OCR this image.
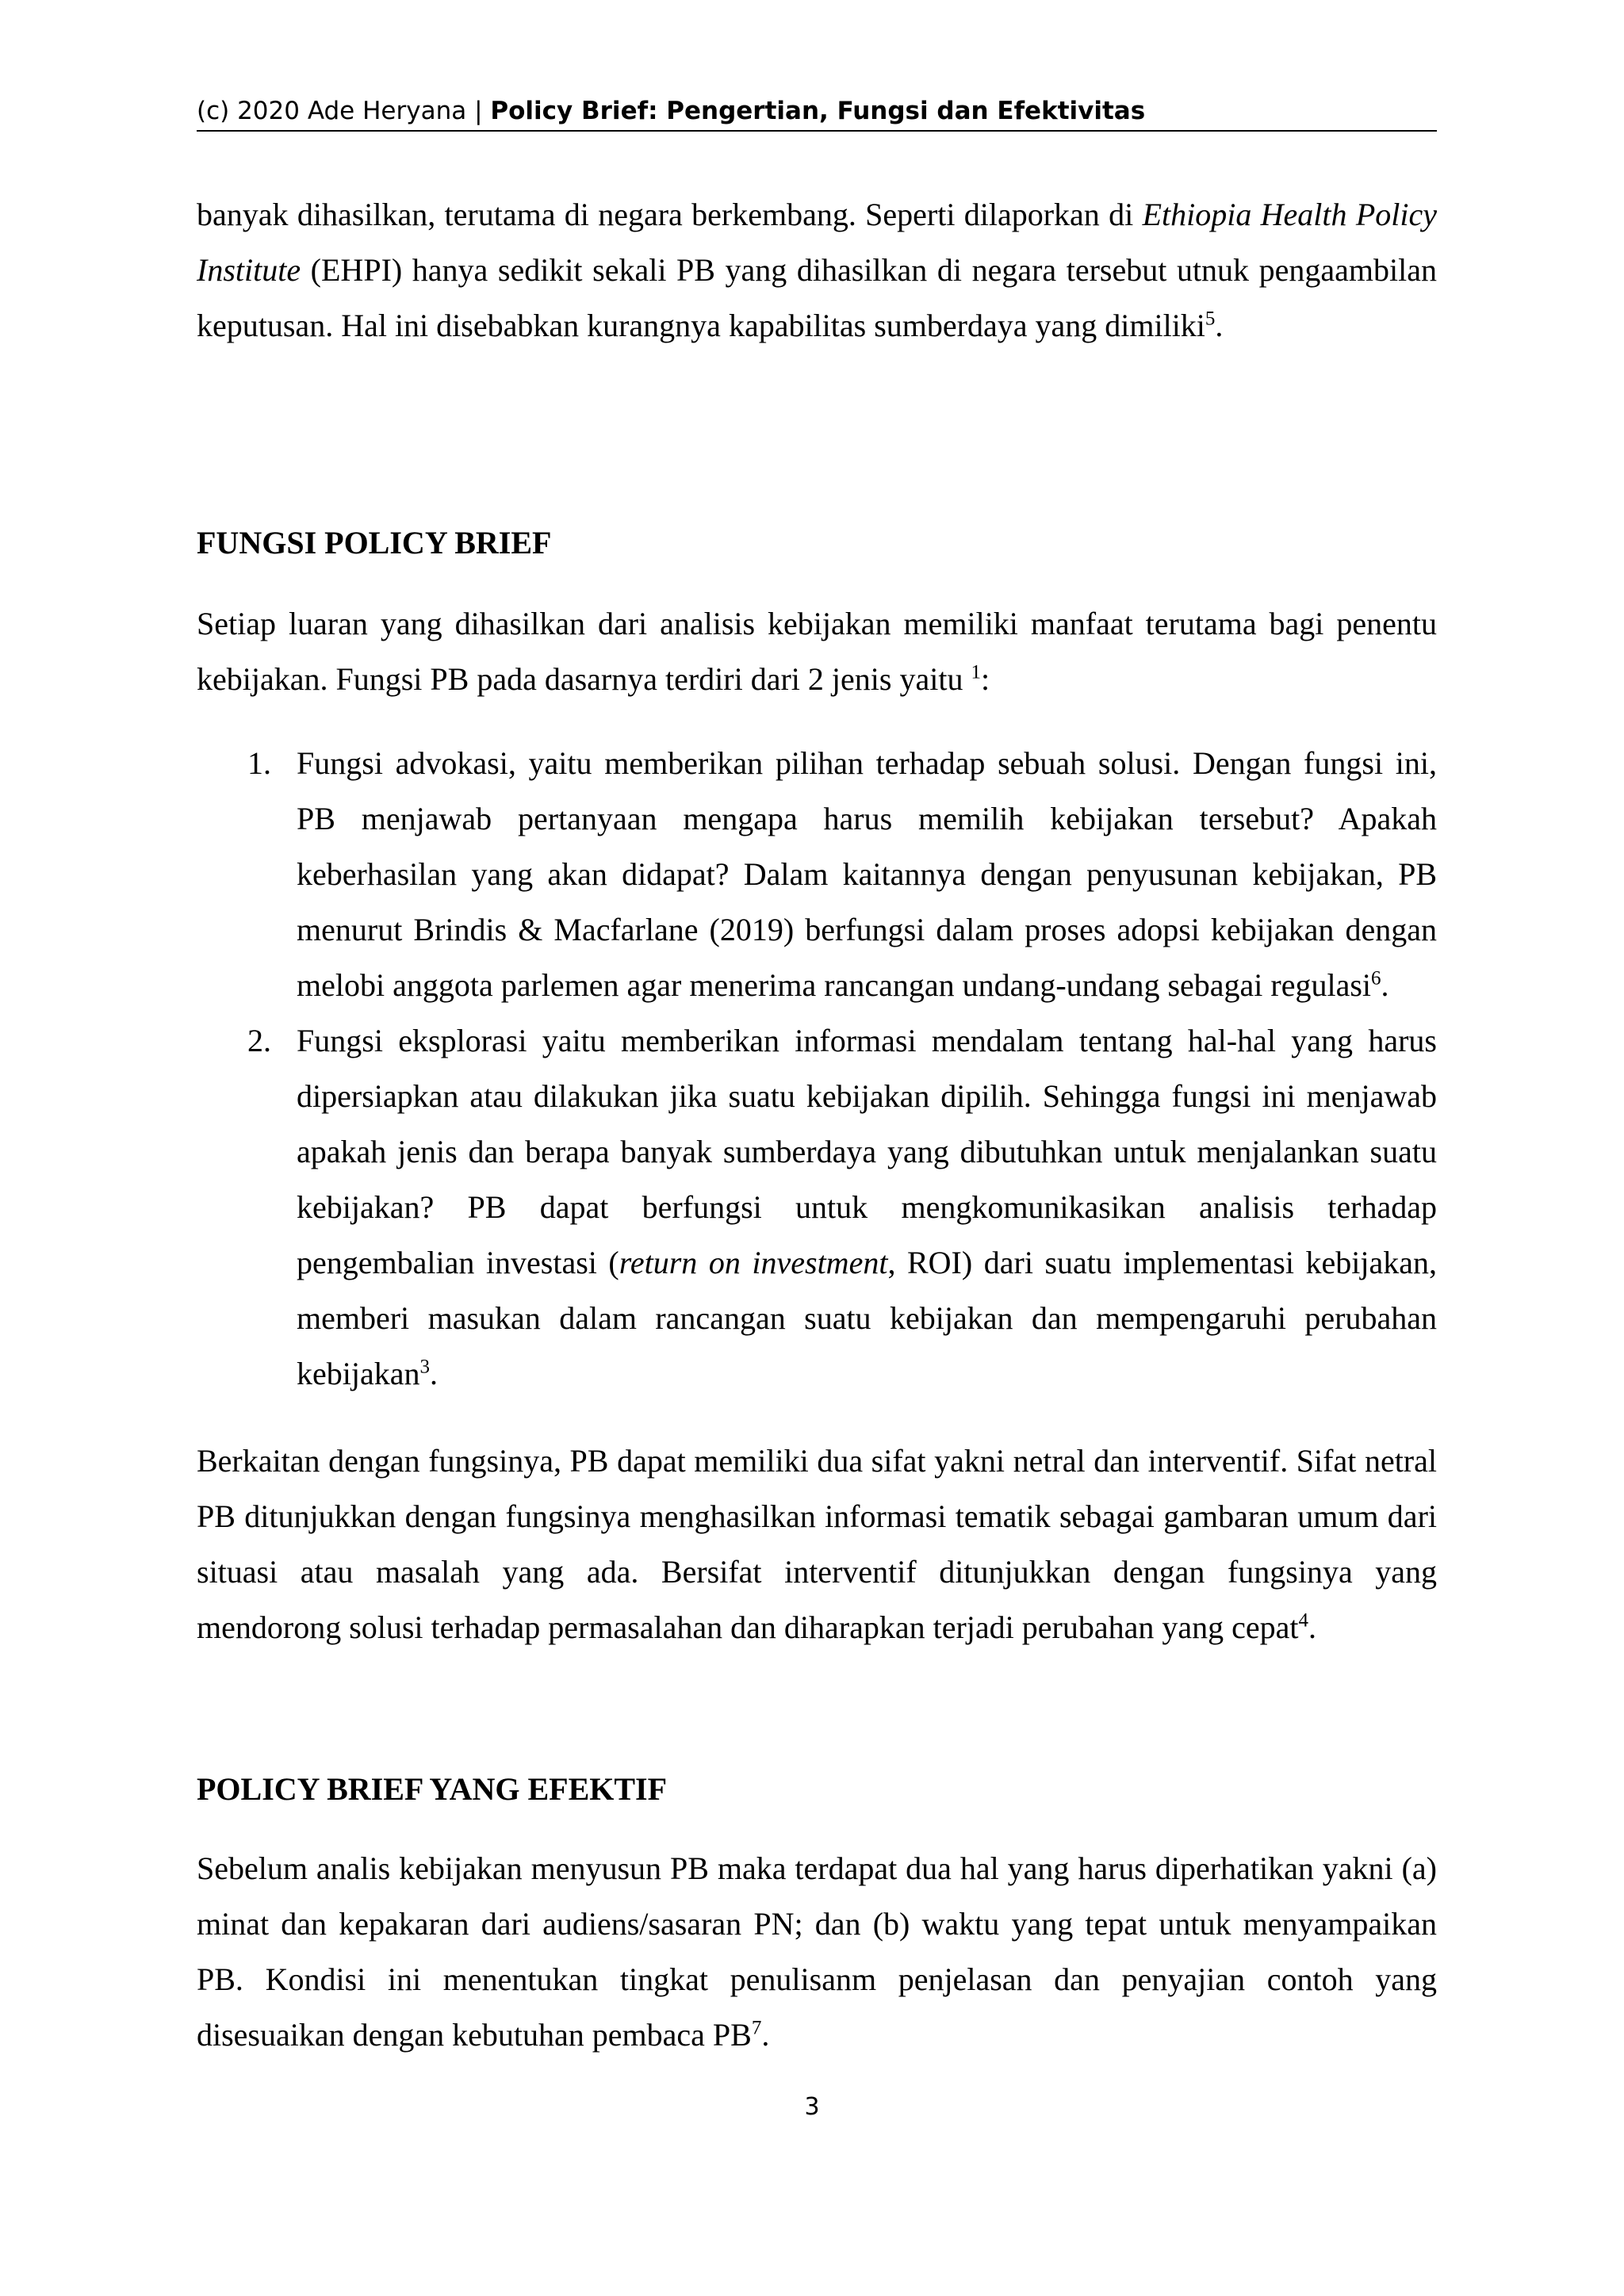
(c) 2020 Ade Heryana | Policy Brief: Pengertian, Fungsi dan Efektivitas

banyak dihasilkan, terutama di negara berkembang. Seperti dilaporkan di Ethiopia Health Policy Institute (EHPI) hanya sedikit sekali PB yang dihasilkan di negara tersebut utnuk pengaambilan keputusan. Hal ini disebabkan kurangnya kapabilitas sumberdaya yang dimiliki$^5$.

FUNGSI POLICY BRIEF

Setiap luaran yang dihasilkan dari analisis kebijakan memiliki manfaat terutama bagi penentu kebijakan. Fungsi PB pada dasarnya terdiri dari 2 jenis yaitu $^1$:

1. Fungsi advokasi, yaitu memberikan pilihan terhadap sebuah solusi. Dengan fungsi ini, PB menjawab pertanyaan mengapa harus memilih kebijakan tersebut? Apakah keberhasilan yang akan didapat? Dalam kaitannya dengan penyusunan kebijakan, PB menurut Brindis & Macfarlane (2019) berfungsi dalam proses adopsi kebijakan dengan melobi anggota parlemen agar menerima rancangan undang-undang sebagai regulasi$^6$.
2. Fungsi eksplorasi yaitu memberikan informasi mendalam tentang hal-hal yang harus dipersiapkan atau dilakukan jika suatu kebijakan dipilih. Sehingga fungsi ini menjawab apakah jenis dan berapa banyak sumberdaya yang dibutuhkan untuk menjalankan suatu kebijakan? PB dapat berfungsi untuk mengkomunikasikan analisis terhadap pengembalian investasi (return on investment, ROI) dari suatu implementasi kebijakan, memberi masukan dalam rancangan suatu kebijakan dan mempengaruhi perubahan kebijakan$^3$.

Berkaitan dengan fungsinya, PB dapat memiliki dua sifat yakni netral dan interventif. Sifat netral PB ditunjukkan dengan fungsinya menghasilkan informasi tematik sebagai gambaran umum dari situasi atau masalah yang ada. Bersifat interventif ditunjukkan dengan fungsinya yang mendorong solusi terhadap permasalahan dan diharapkan terjadi perubahan yang cepat$^4$.

POLICY BRIEF YANG EFEKTIF

Sebelum analis kebijakan menyusun PB maka terdapat dua hal yang harus diperhatikan yakni (a) minat dan kepakaran dari audiens/sasaran PN; dan (b) waktu yang tepat untuk menyampaikan PB. Kondisi ini menentukan tingkat penulisanm penjelasan dan penyajian contoh yang disesuaikan dengan kebutuhan pembaca $PB^7$.

3
